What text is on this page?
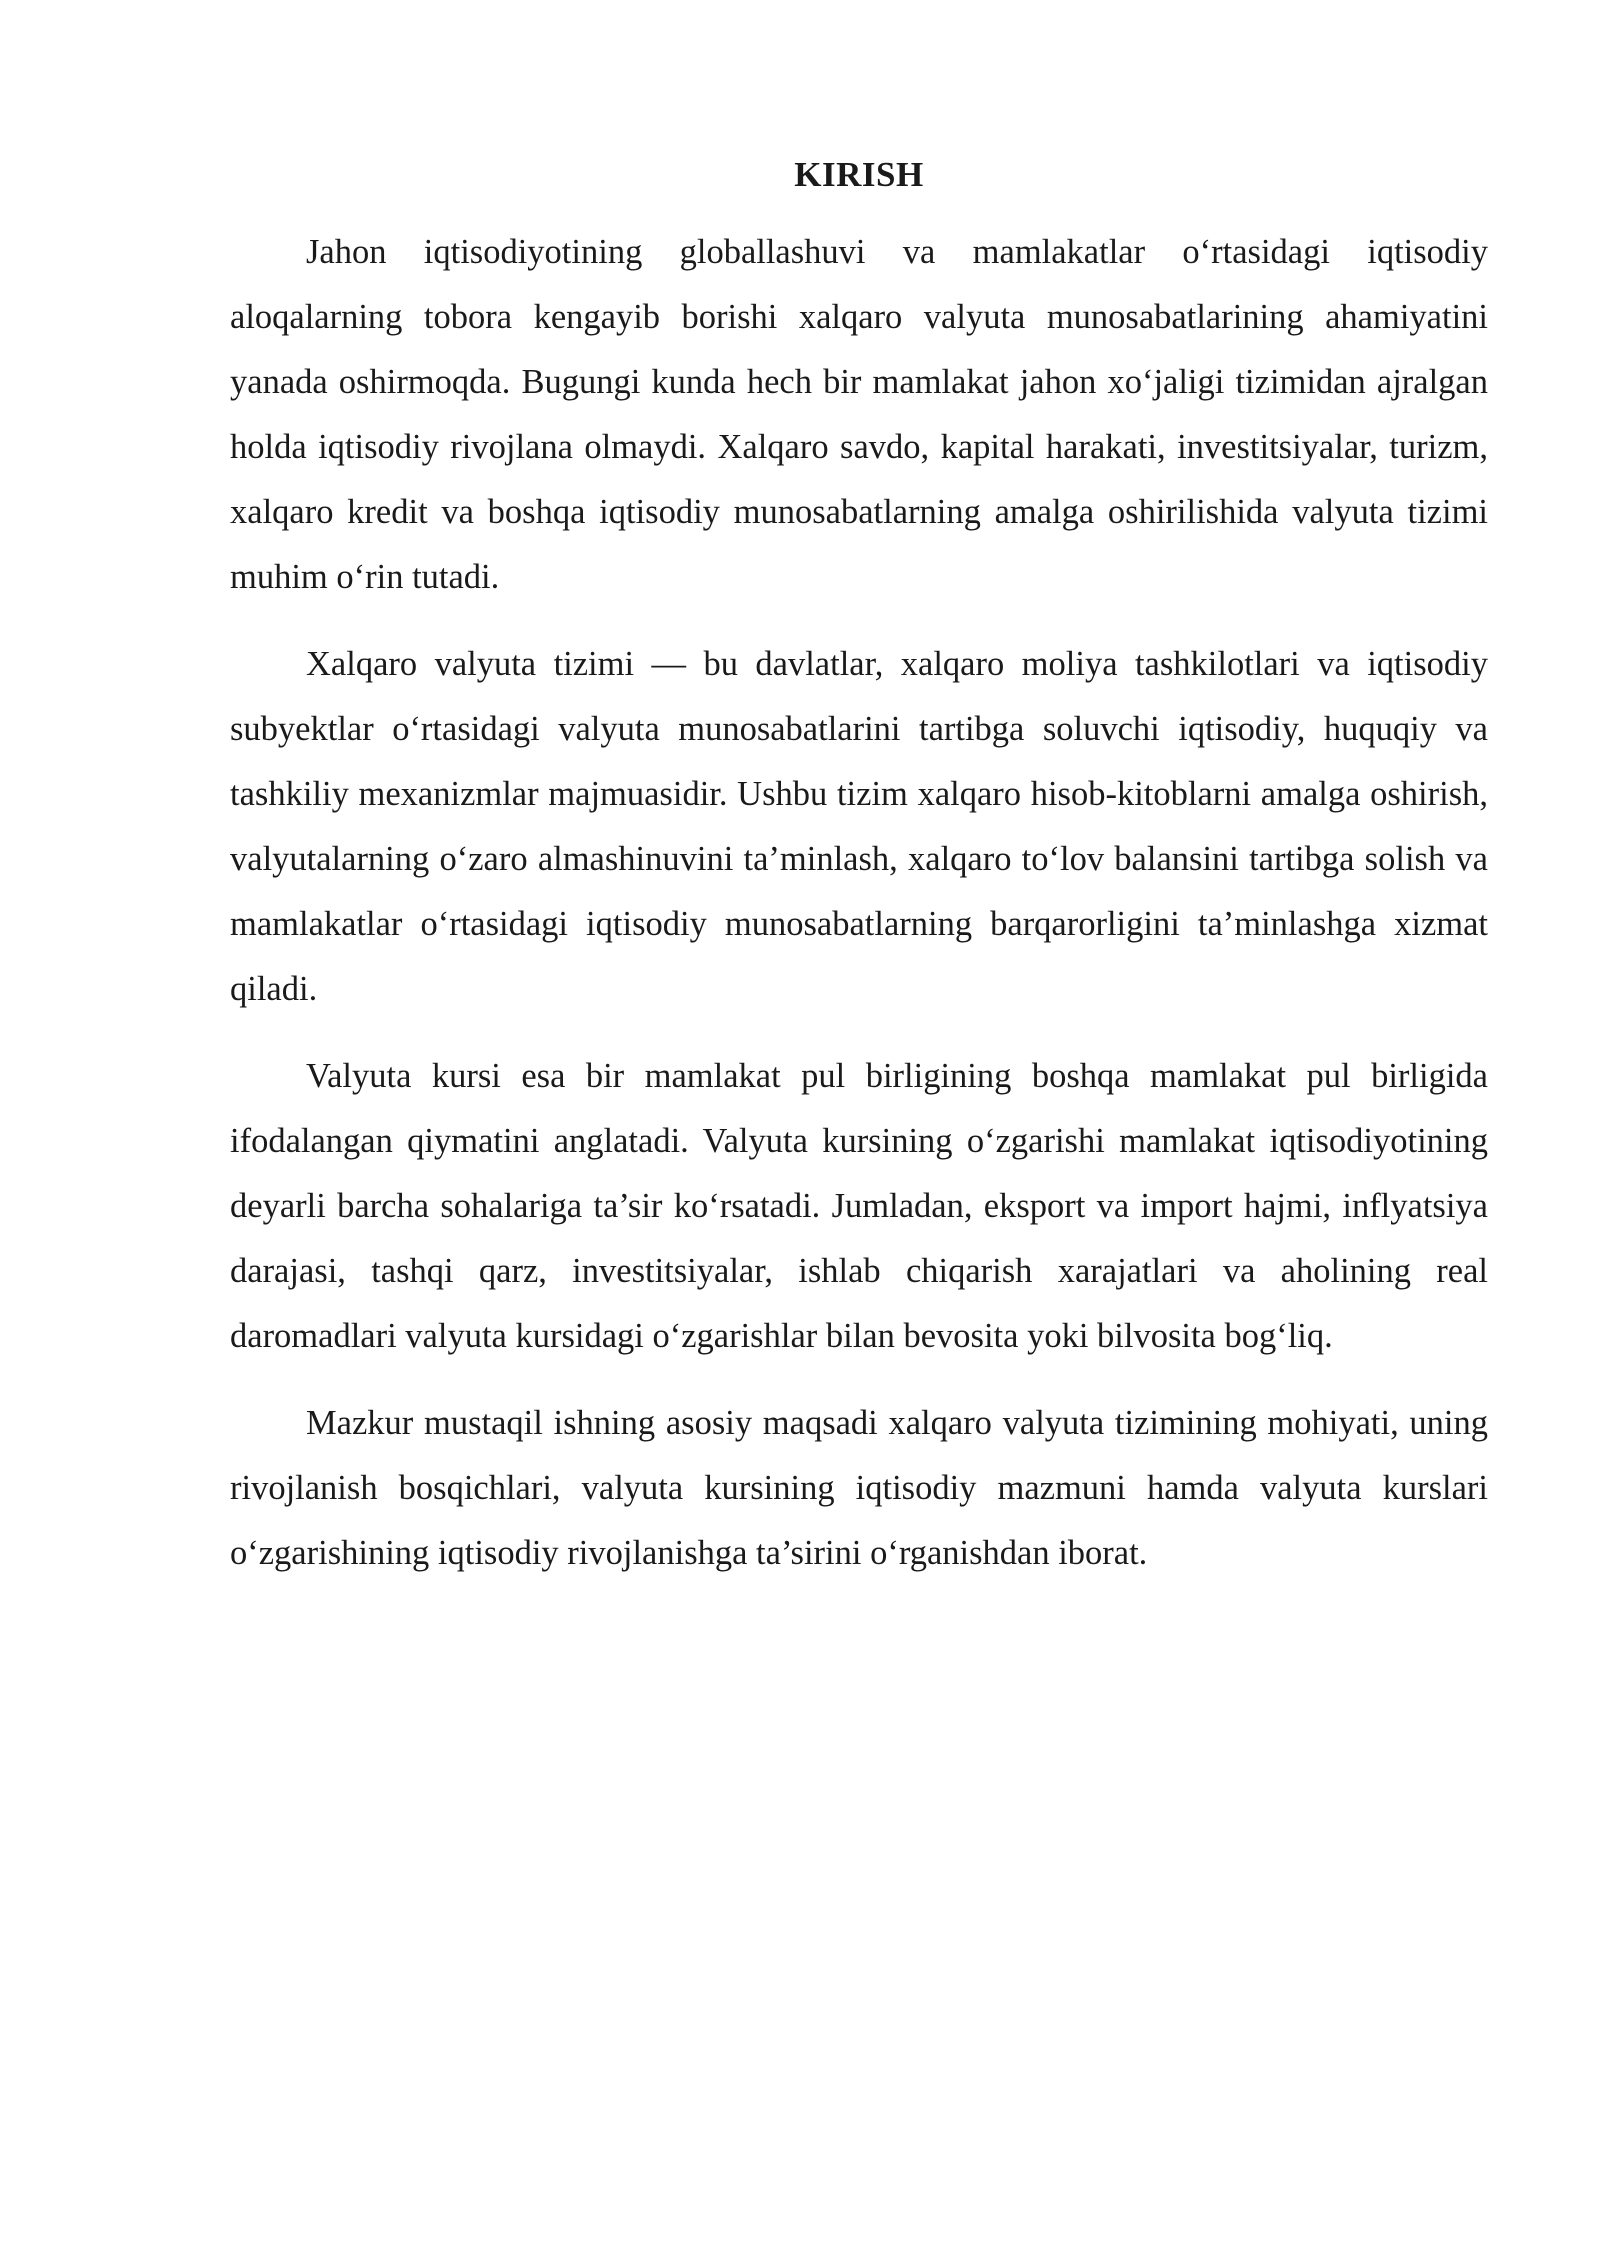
KIRISH

Jahon iqtisodiyotining globallashuvi va mamlakatlar o‘rtasidagi iqtisodiy aloqalarning tobora kengayib borishi xalqaro valyuta munosabatlarining ahamiyatini yanada oshirmoqda. Bugungi kunda hech bir mamlakat jahon xo‘jaligi tizimidan ajralgan holda iqtisodiy rivojlana olmaydi. Xalqaro savdo, kapital harakati, investitsiyalar, turizm, xalqaro kredit va boshqa iqtisodiy munosabatlarning amalga oshirilishida valyuta tizimi muhim o‘rin tutadi.

Xalqaro valyuta tizimi — bu davlatlar, xalqaro moliya tashkilotlari va iqtisodiy subyektlar o‘rtasidagi valyuta munosabatlarini tartibga soluvchi iqtisodiy, huquqiy va tashkiliy mexanizmlar majmuasidir. Ushbu tizim xalqaro hisob-kitoblarni amalga oshirish, valyutalarning o‘zaro almashinuvini ta’minlash, xalqaro to‘lov balansini tartibga solish va mamlakatlar o‘rtasidagi iqtisodiy munosabatlarning barqarorligini ta’minlashga xizmat qiladi.

Valyuta kursi esa bir mamlakat pul birligining boshqa mamlakat pul birligida ifodalangan qiymatini anglatadi. Valyuta kursining o‘zgarishi mamlakat iqtisodiyotining deyarli barcha sohalariga ta’sir ko‘rsatadi. Jumladan, eksport va import hajmi, inflyatsiya darajasi, tashqi qarz, investitsiyalar, ishlab chiqarish xarajatlari va aholining real daromadlari valyuta kursidagi o‘zgarishlar bilan bevosita yoki bilvosita bog‘liq.

Mazkur mustaqil ishning asosiy maqsadi xalqaro valyuta tizimining mohiyati, uning rivojlanish bosqichlari, valyuta kursining iqtisodiy mazmuni hamda valyuta kurslari o‘zgarishining iqtisodiy rivojlanishga ta’sirini o‘rganishdan iborat.
